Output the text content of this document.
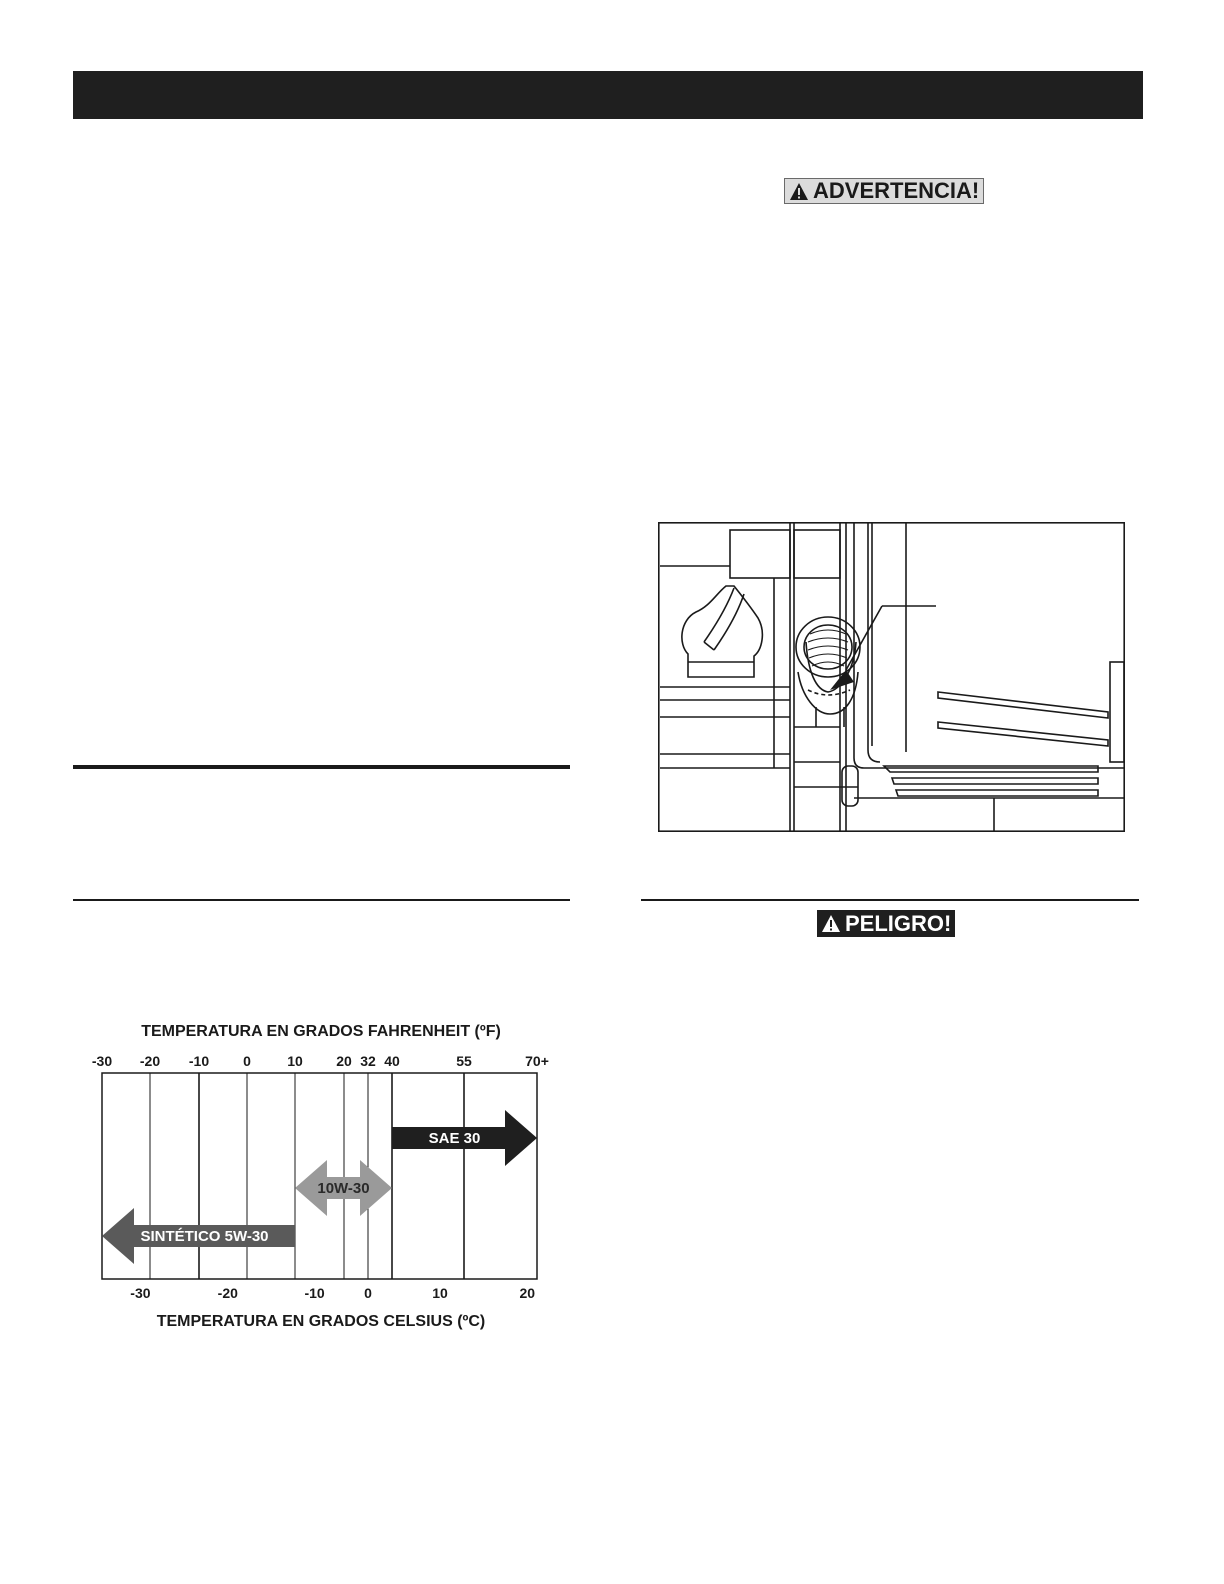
ADVERTENCIA!
PELIGRO!
TEMPERATURA EN GRADOS FAHRENHEIT (ºF)
-30 -20 -10 0	10 20 32 40	55	70+
SAE 30
10W-30
SINTÉTICO 5W-30
-30	-20	-10	0	10	20
TEMPERATURA EN GRADOS CELSIUS (ºC)
